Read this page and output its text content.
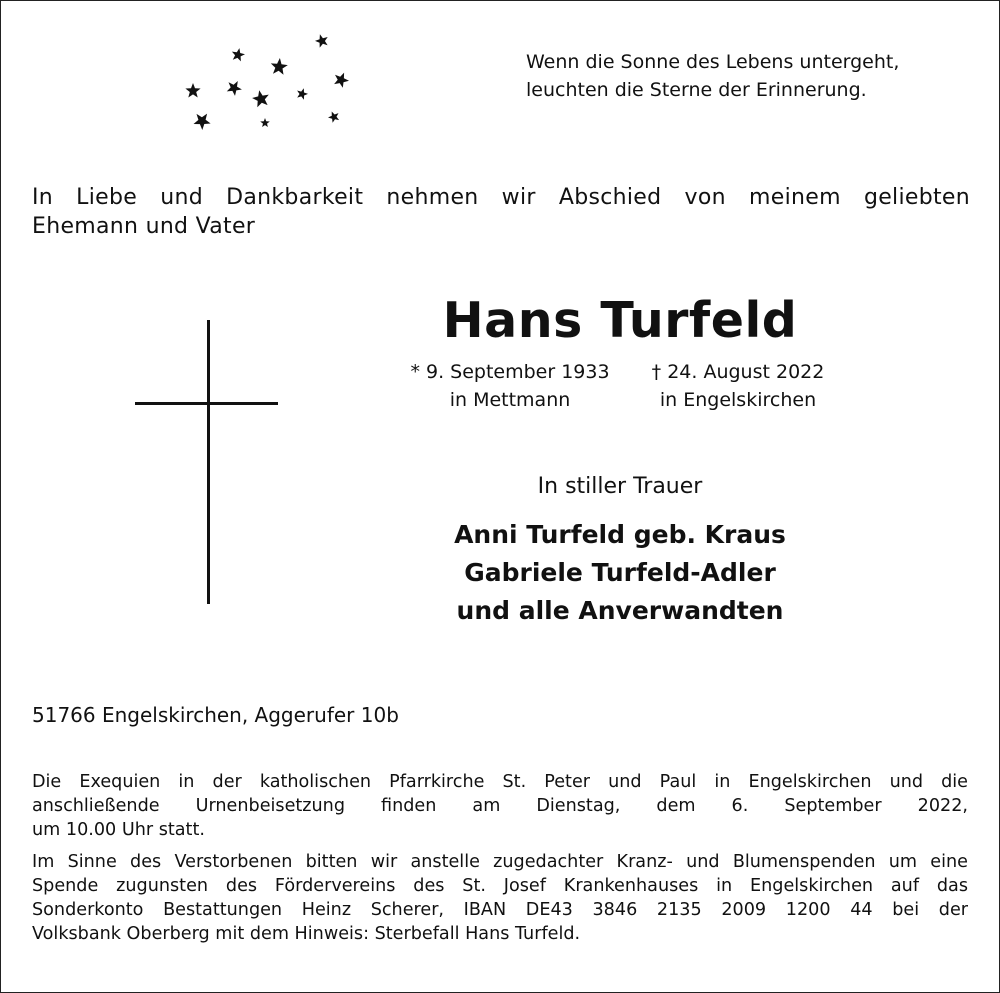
Wenn die Sonne des Lebens untergeht,
leuchten die Sterne der Erinnerung.
In Liebe und Dankbarkeit nehmen wir Abschied von meinem geliebten
Ehemann und Vater
Hans Turfeld
* 9. September 1933
in Mettmann
† 24. August 2022
in Engelskirchen
In stiller Trauer
Anni Turfeld geb. Kraus
Gabriele Turfeld-Adler
und alle Anverwandten
51766 Engelskirchen, Aggerufer 10b
Die Exequien in der katholischen Pfarrkirche St. Peter und Paul in Engelskirchen und die
anschließende Urnenbeisetzung finden am Dienstag, dem 6. September 2022,
um 10.00 Uhr statt.
Im Sinne des Verstorbenen bitten wir anstelle zugedachter Kranz- und Blumenspenden um eine
Spende zugunsten des Fördervereins des St. Josef Krankenhauses in Engelskirchen auf das
Sonderkonto Bestattungen Heinz Scherer, IBAN DE43 3846 2135 2009 1200 44 bei der
Volksbank Oberberg mit dem Hinweis: Sterbefall Hans Turfeld.
